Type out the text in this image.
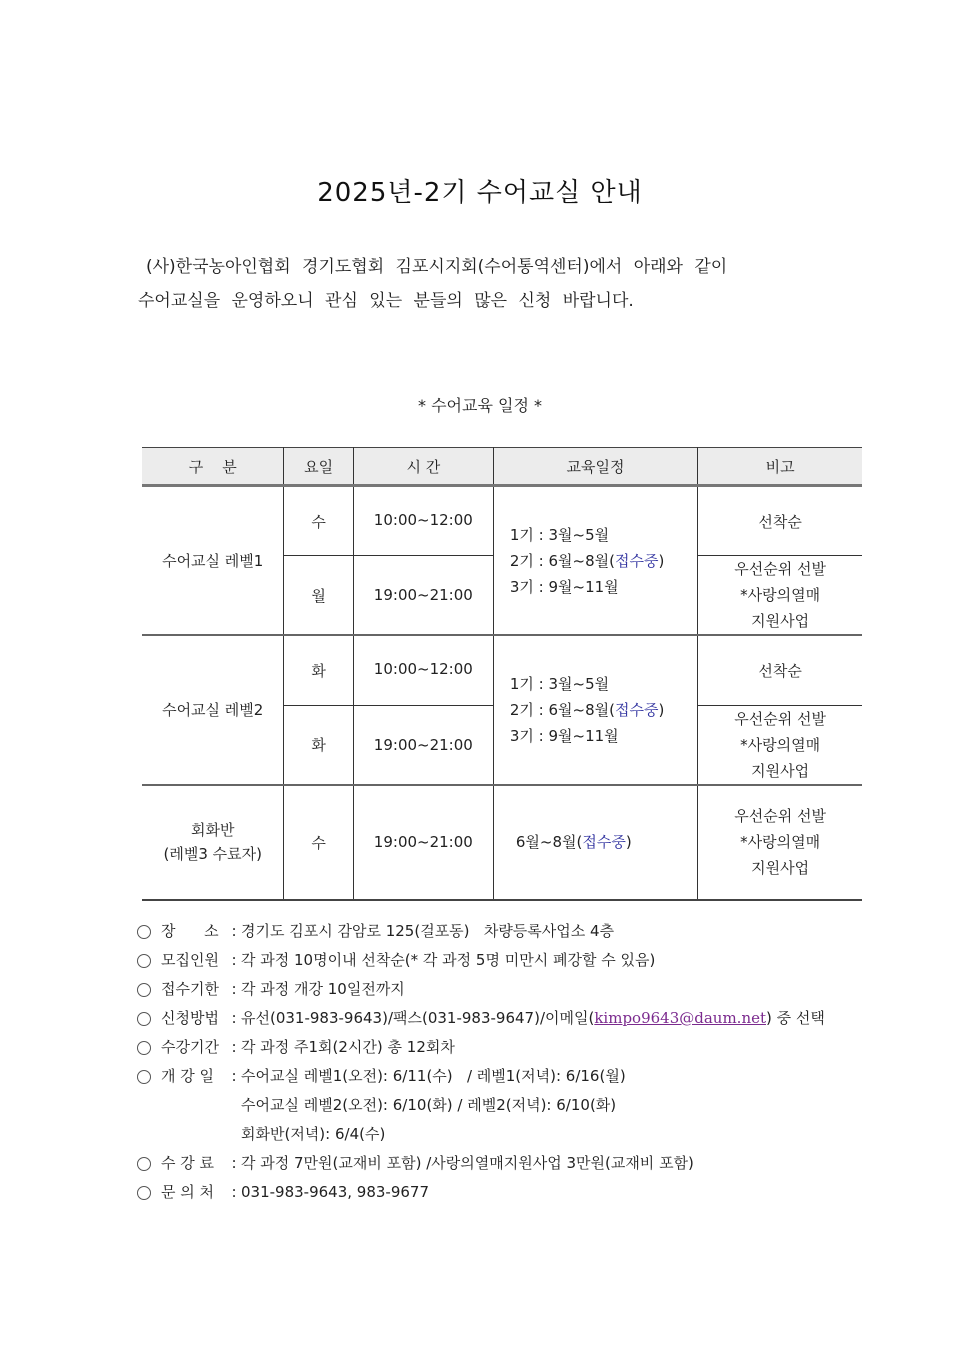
2025년-2기 수어교실 안내
(사)한국농아인협회 경기도협회 김포시지회(수어통역센터)에서 아래와 같이
수어교실을 운영하오니 관심 있는 분들의 많은 신청 바랍니다.
* 수어교육 일정 *
구    분	요일	시 간	교육일정	비고
수어교실 레벨1	수	10:00~12:00	1기 : 3월~5월
2기 : 6월~8월(접수중)
3기 : 9월~11월	선착순
	월	19:00~21:00		우선순위 선발
*사랑의열매
지원사업

수어교실 레벨2	화	10:00~12:00	1기 : 3월~5월
2기 : 6월~8월(접수중)
3기 : 9월~11월	선착순
	화	19:00~21:00		우선순위 선발
*사랑의열매
지원사업

회화반
(레벨3 수료자)
	수	19:00~21:00	6월~8월(접수중)	
우선순위 선발
*사랑의열매
지원사업
장      소 : 경기도 김포시 감암로 125(걸포동)   차량등록사업소 4층
모집인원 : 각 과정 10명이내 선착순(* 각 과정 5명 미만시 폐강할 수 있음)
접수기한 : 각 과정 개강 10일전까지
신청방법 : 유선(031-983-9643)/팩스(031-983-9647)/이메일(kimpo9643@daum.net) 중 선택
수강기간 : 각 과정 주1회(2시간) 총 12회차
개 강 일	: 수어교실 레벨1(오전): 6/11(수)   / 레벨1(저녁): 6/16(월)
수어교실 레벨2(오전): 6/10(화) / 레벨2(저녁): 6/10(화)
회화반(저녁): 6/4(수)
수 강 료	: 각 과정 7만원(교재비 포함) /사랑의열매지원사업 3만원(교재비 포함)
문 의 처	: 031-983-9643, 983-9677
